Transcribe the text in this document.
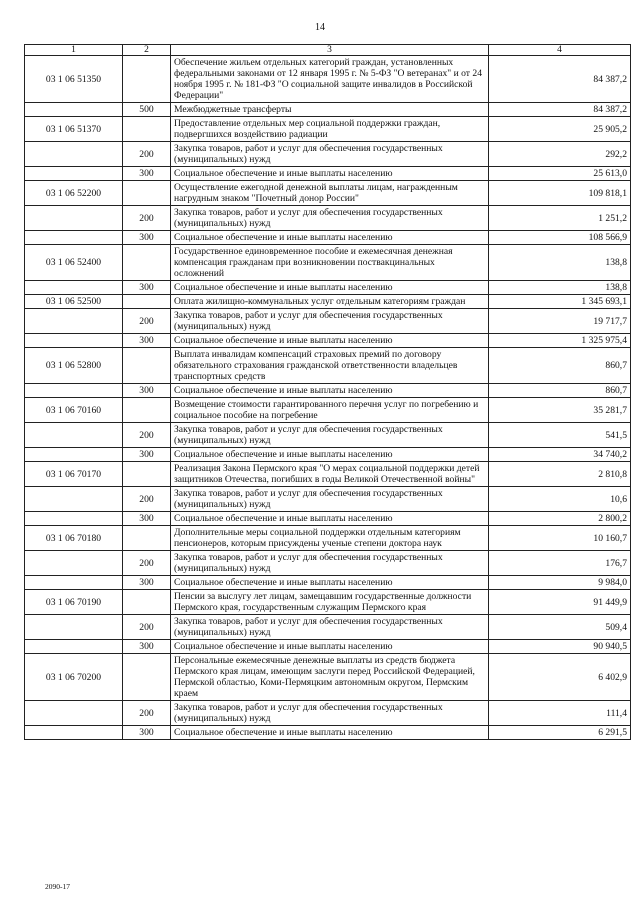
14
1	2	3	4
03 1 06 51350		Обеспечение жильем отдельных категорий граждан, установленных федеральными законами от 12 января 1995 г. № 5-ФЗ "О ветеранах" и от 24 ноября 1995 г. № 181-ФЗ "О социальной защите инвалидов в Российской Федерации"	84 387,2
	500	Межбюджетные трансферты	84 387,2
03 1 06 51370		Предоставление отдельных мер социальной поддержки граждан, подвергшихся воздействию радиации	25 905,2
	200	Закупка товаров, работ и услуг для обеспечения государственных (муниципальных) нужд	292,2
	300	Социальное обеспечение и иные выплаты населению	25 613,0
03 1 06 52200		Осуществление ежегодной денежной выплаты лицам, награжденным нагрудным знаком "Почетный донор России"	109 818,1
	200	Закупка товаров, работ и услуг для обеспечения государственных (муниципальных) нужд	1 251,2
	300	Социальное обеспечение и иные выплаты населению	108 566,9
03 1 06 52400		Государственное единовременное пособие и ежемесячная денежная компенсация гражданам при возникновении поствакцинальных осложнений	138,8
	300	Социальное обеспечение и иные выплаты населению	138,8
03 1 06 52500		Оплата жилищно-коммунальных услуг отдельным категориям граждан	1 345 693,1
	200	Закупка товаров, работ и услуг для обеспечения государственных (муниципальных) нужд	19 717,7
	300	Социальное обеспечение и иные выплаты населению	1 325 975,4
03 1 06 52800		Выплата инвалидам компенсаций страховых премий по договору обязательного страхования гражданской ответственности владельцев транспортных средств	860,7
	300	Социальное обеспечение и иные выплаты населению	860,7
03 1 06 70160		Возмещение стоимости гарантированного перечня услуг по погребению и социальное пособие на погребение	35 281,7
	200	Закупка товаров, работ и услуг для обеспечения государственных (муниципальных) нужд	541,5
	300	Социальное обеспечение и иные выплаты населению	34 740,2
03 1 06 70170		Реализация Закона Пермского края "О мерах социальной поддержки детей защитников Отечества, погибших в годы Великой Отечественной войны"	2 810,8
	200	Закупка товаров, работ и услуг для обеспечения государственных (муниципальных) нужд	10,6
	300	Социальное обеспечение и иные выплаты населению	2 800,2
03 1 06 70180		Дополнительные меры социальной поддержки отдельным категориям пенсионеров, которым присуждены ученые степени доктора наук	10 160,7
	200	Закупка товаров, работ и услуг для обеспечения государственных (муниципальных) нужд	176,7
	300	Социальное обеспечение и иные выплаты населению	9 984,0
03 1 06 70190		Пенсии за выслугу лет лицам, замещавшим государственные должности Пермского края, государственным служащим Пермского края	91 449,9
	200	Закупка товаров, работ и услуг для обеспечения государственных (муниципальных) нужд	509,4
	300	Социальное обеспечение и иные выплаты населению	90 940,5
03 1 06 70200		Персональные ежемесячные денежные выплаты из средств бюджета Пермского края лицам, имеющим заслуги перед Российской Федерацией, Пермской областью, Коми-Пермяцким автономным округом, Пермским краем	6 402,9
	200	Закупка товаров, работ и услуг для обеспечения государственных (муниципальных) нужд	111,4
	300	Социальное обеспечение и иные выплаты населению	6 291,5
2090-17
